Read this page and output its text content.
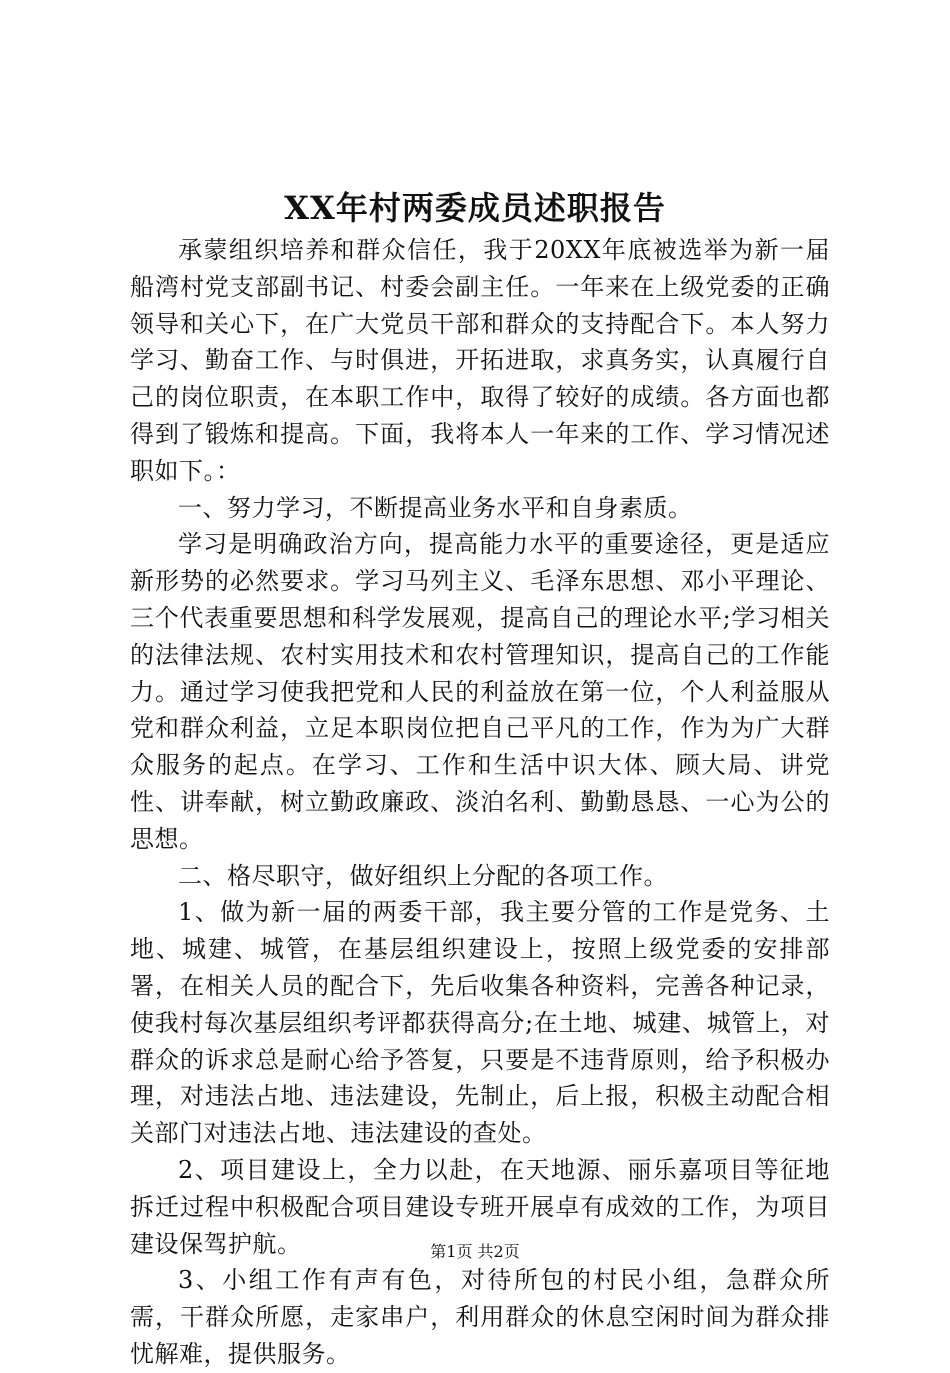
XX年村两委成员述职报告

承蒙组织培养和群众信任，我于20XX年底被选举为新一届船湾村党支部副书记、村委会副主任。一年来在上级党委的正确领导和关心下，在广大党员干部和群众的支持配合下。本人努力学习、勤奋工作、与时俱进，开拓进取，求真务实，认真履行自己的岗位职责，在本职工作中，取得了较好的成绩。各方面也都得到了锻炼和提高。下面，我将本人一年来的工作、学习情况述职如下。：

一、努力学习，不断提高业务水平和自身素质。

学习是明确政治方向，提高能力水平的重要途径，更是适应新形势的必然要求。学习马列主义、毛泽东思想、邓小平理论、三个代表重要思想和科学发展观，提高自己的理论水平;学习相关的法律法规、农村实用技术和农村管理知识，提高自己的工作能力。通过学习使我把党和人民的利益放在第一位，个人利益服从党和群众利益，立足本职岗位把自己平凡的工作，作为为广大群众服务的起点。在学习、工作和生活中识大体、顾大局、讲党性、讲奉献，树立勤政廉政、淡泊名利、勤勤恳恳、一心为公的思想。

二、格尽职守，做好组织上分配的各项工作。

1、做为新一届的两委干部，我主要分管的工作是党务、土地、城建、城管，在基层组织建设上，按照上级党委的安排部署，在相关人员的配合下，先后收集各种资料，完善各种记录，使我村每次基层组织考评都获得高分;在土地、城建、城管上，对群众的诉求总是耐心给予答复，只要是不违背原则，给予积极办理，对违法占地、违法建设，先制止，后上报，积极主动配合相关部门对违法占地、违法建设的查处。

2、项目建设上，全力以赴，在天地源、丽乐嘉项目等征地拆迁过程中积极配合项目建设专班开展卓有成效的工作，为项目建设保驾护航。

3、小组工作有声有色，对待所包的村民小组，急群众所需，干群众所愿，走家串户，利用群众的休息空闲时间为群众排忧解难，提供服务。

第1页 共2页
